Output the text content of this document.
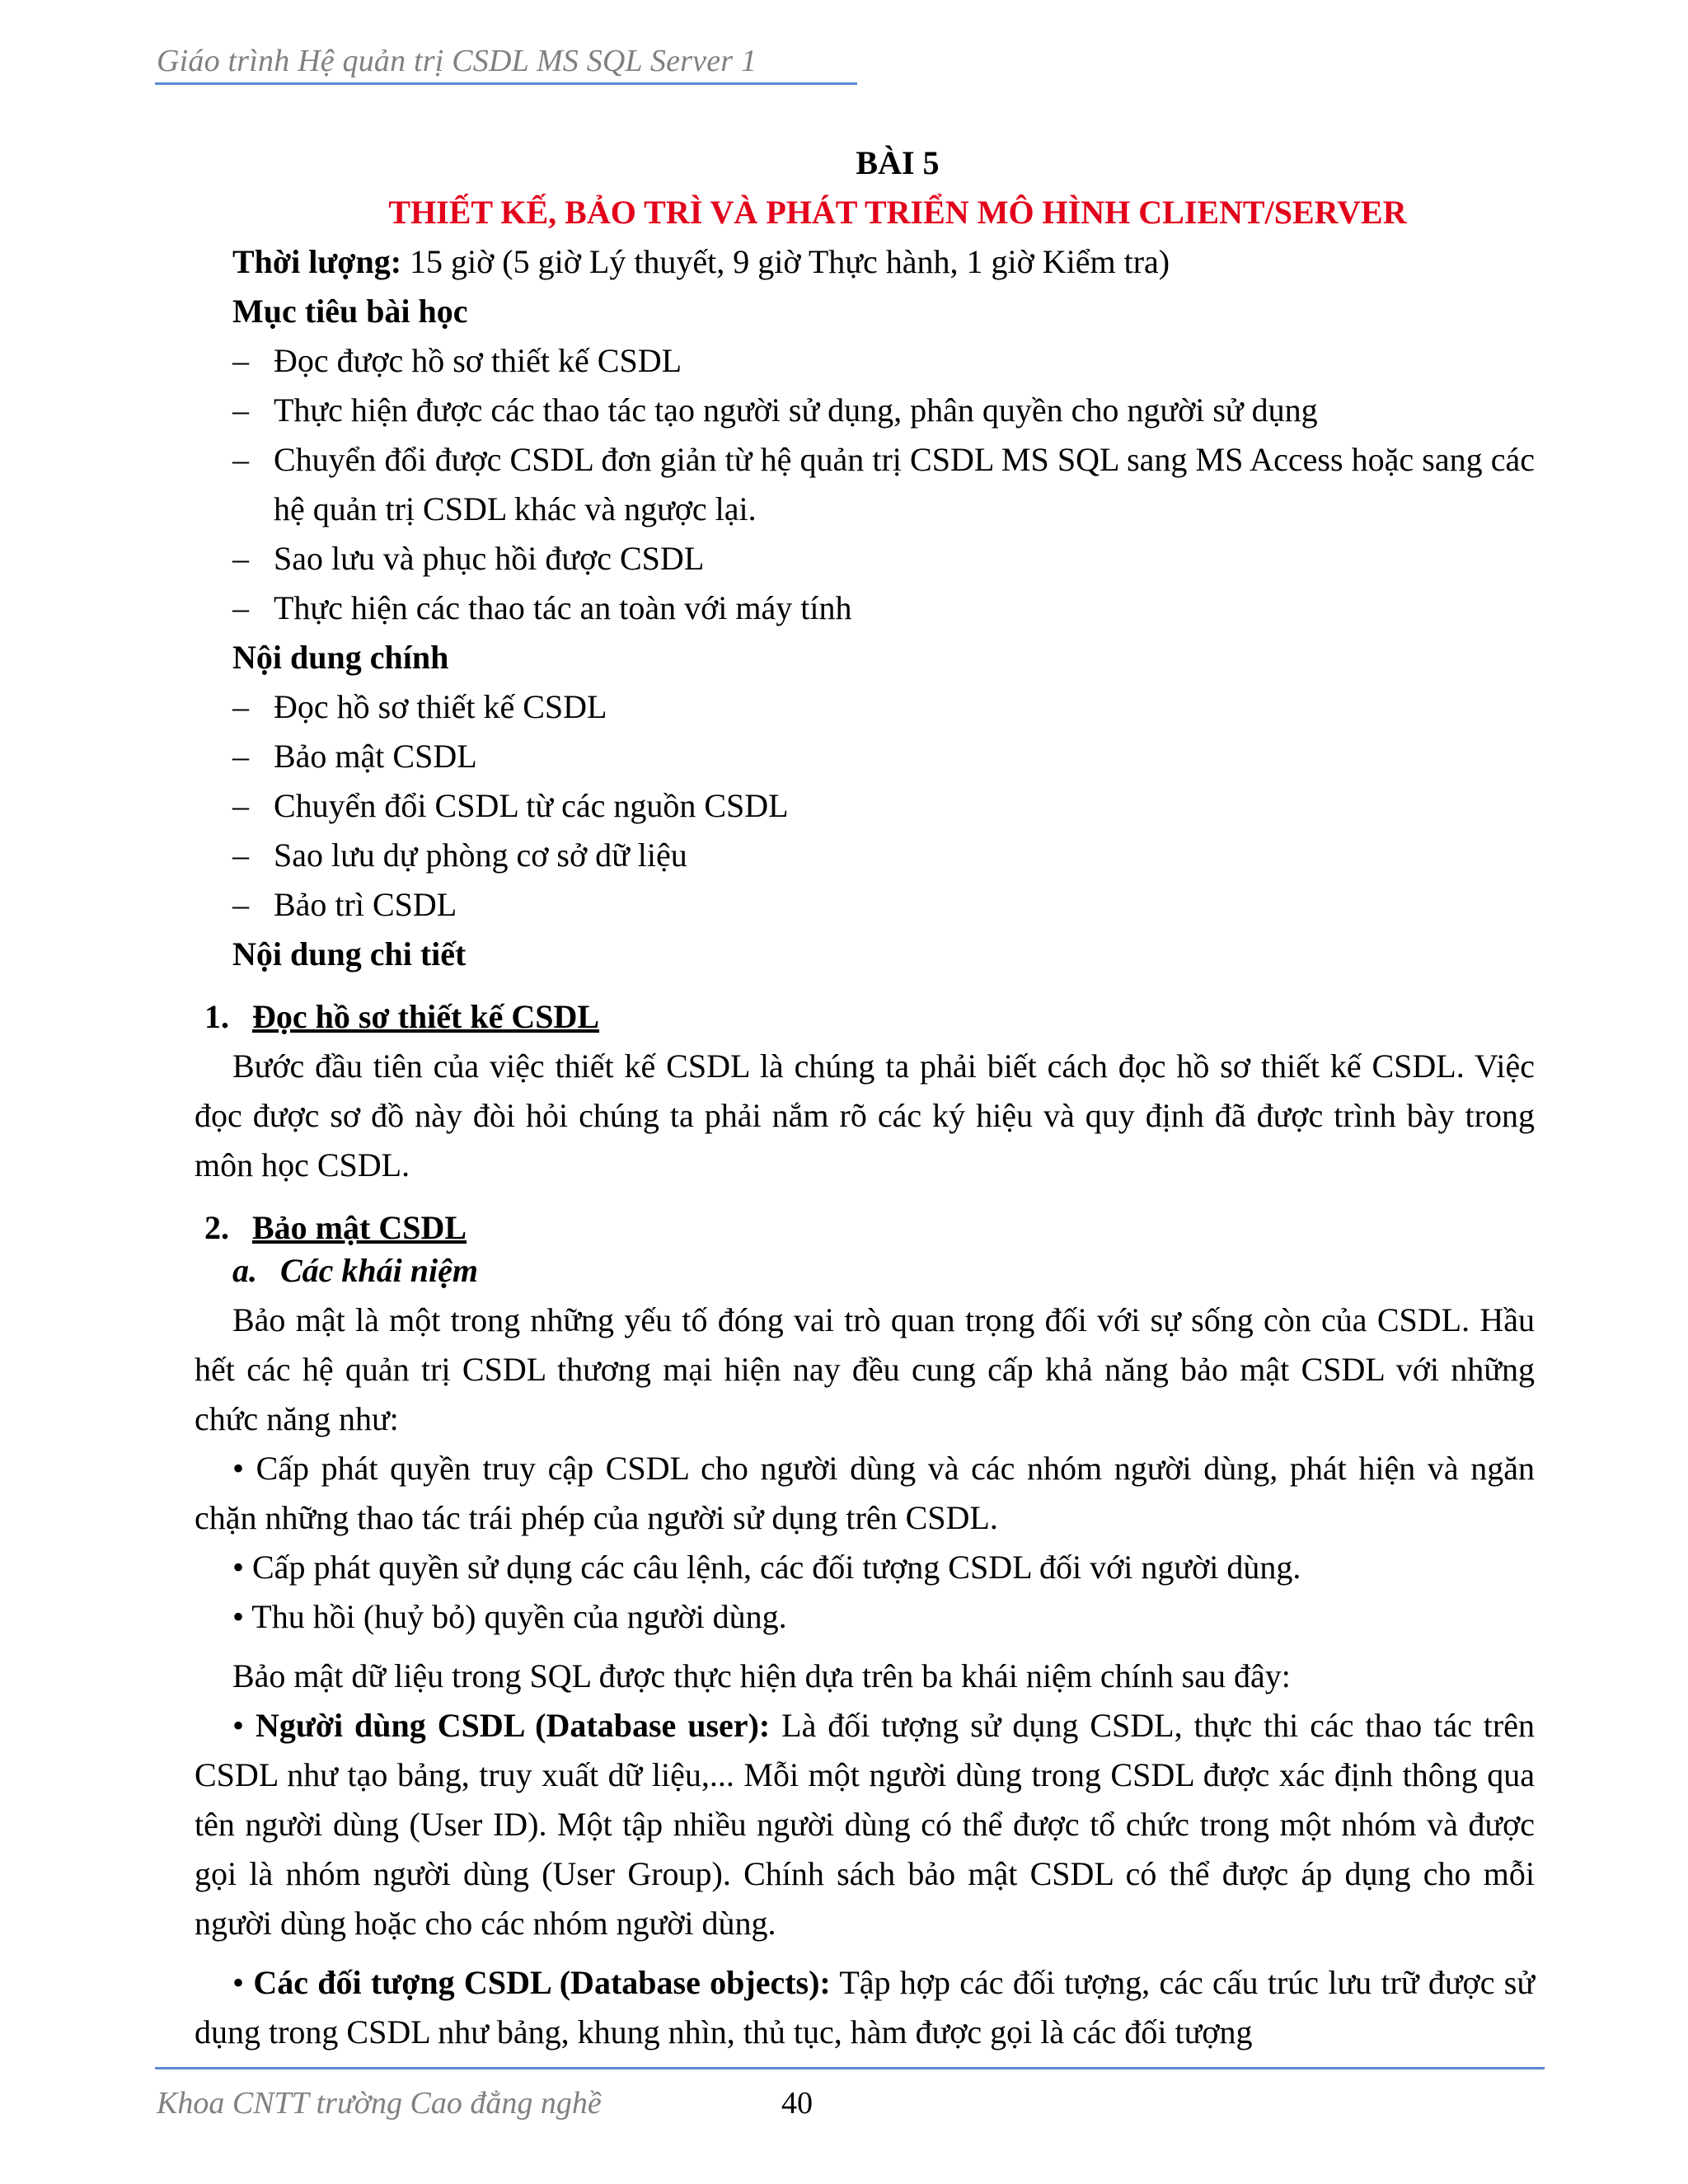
Giáo trình Hệ quản trị CSDL MS SQL Server 1
BÀI 5
THIẾT KẾ, BẢO TRÌ VÀ PHÁT TRIỂN MÔ HÌNH CLIENT/SERVER
Thời lượng: 15 giờ (5 giờ Lý thuyết, 9 giờ Thực hành, 1 giờ Kiểm tra)
Mục tiêu bài học
– Đọc được hồ sơ thiết kế CSDL
– Thực hiện được các thao tác tạo người sử dụng, phân quyền cho người sử dụng
– Chuyển đổi được CSDL đơn giản từ hệ quản trị CSDL MS SQL sang MS Access hoặc sang các hệ quản trị CSDL khác và ngược lại.
– Sao lưu và phục hồi được CSDL
– Thực hiện các thao tác an toàn với máy tính
Nội dung chính
– Đọc hồ sơ thiết kế CSDL
– Bảo mật CSDL
– Chuyển đổi CSDL từ các nguồn CSDL
– Sao lưu dự phòng cơ sở dữ liệu
– Bảo trì CSDL
Nội dung chi tiết
1. Đọc hồ sơ thiết kế CSDL

Bước đầu tiên của việc thiết kế CSDL là chúng ta phải biết cách đọc hồ sơ thiết kế CSDL. Việc đọc được sơ đồ này đòi hỏi chúng ta phải nắm rõ các ký hiệu và quy định đã được trình bày trong môn học CSDL.

2. Bảo mật CSDL
a. Các khái niệm

Bảo mật là một trong những yếu tố đóng vai trò quan trọng đối với sự sống còn của CSDL. Hầu hết các hệ quản trị CSDL thương mại hiện nay đều cung cấp khả năng bảo mật CSDL với những chức năng như:

• Cấp phát quyền truy cập CSDL cho người dùng và các nhóm người dùng, phát hiện và ngăn chặn những thao tác trái phép của người sử dụng trên CSDL.

• Cấp phát quyền sử dụng các câu lệnh, các đối tượng CSDL đối với người dùng.

• Thu hồi (huỷ bỏ) quyền của người dùng.

Bảo mật dữ liệu trong SQL được thực hiện dựa trên ba khái niệm chính sau đây:

• Người dùng CSDL (Database user): Là đối tượng sử dụng CSDL, thực thi các thao tác trên CSDL như tạo bảng, truy xuất dữ liệu,... Mỗi một người dùng trong CSDL được xác định thông qua tên người dùng (User ID). Một tập nhiều người dùng có thể được tổ chức trong một nhóm và được gọi là nhóm người dùng (User Group). Chính sách bảo mật CSDL có thể được áp dụng cho mỗi người dùng hoặc cho các nhóm người dùng.

• Các đối tượng CSDL (Database objects): Tập hợp các đối tượng, các cấu trúc lưu trữ được sử dụng trong CSDL như bảng, khung nhìn, thủ tục, hàm được gọi là các đối tượng

Khoa CNTT trường Cao đẳng nghề	40
